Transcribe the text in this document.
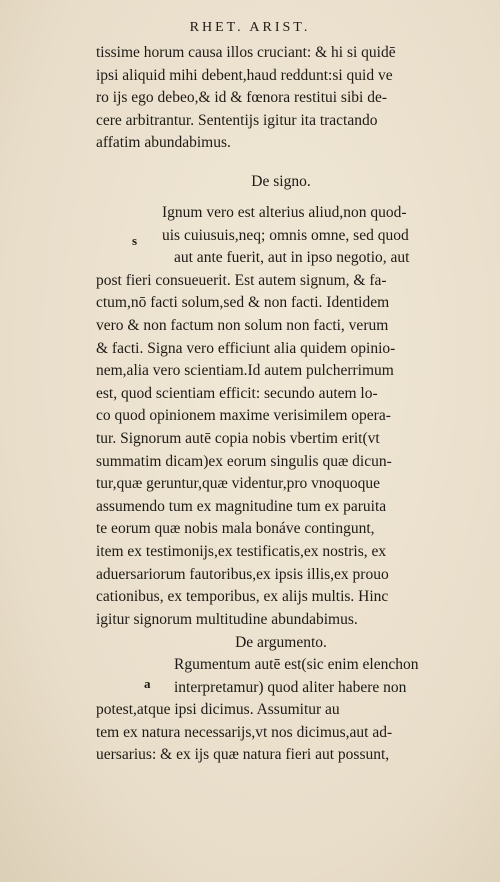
RHET. ARIST.
tissime horum causa illos cruciant: & hi si quidē
ipsi aliquid mihi debent,haud reddunt:si quid ve
ro ijs ego debeo,& id & fœnora restitui sibi de-
cere arbitrantur. Sententijs igitur ita tractando
affatim abundabimus.
De signo.
Ignum vero est alterius aliud,non quod-
uis cuiusuis,neq; omnis omne, sed quod
aut ante fuerit, aut in ipso negotio, aut
post fieri consueuerit. Est autem signum, & fa-
ctum,nō facti solum,sed & non facti. Identidem
vero & non factum non solum non facti, verum
& facti. Signa vero efficiunt alia quidem opinio-
nem,alia vero scientiam.Id autem pulcherrimum
est, quod scientiam efficit: secundo autem lo-
co quod opinionem maxime verisimilem opera-
tur. Signorum autē copia nobis vbertim erit(vt
summatim dicam)ex eorum singulis quæ dicun-
tur,quæ geruntur,quæ videntur,pro vnoquoque
assumendo tum ex magnitudine tum ex paruita
te eorum quæ nobis mala bonáve contingunt,
item ex testimonijs,ex testificatis,ex nostris, ex
aduersariorum fautoribus,ex ipsis illis,ex prouo
cationibus, ex temporibus, ex alijs multis. Hinc
igitur signorum multitudine abundabimus.
De argumento.
Rgumentum autē est(sic enim elenchon
interpretamur) quod aliter habere non
potest,atque ipsi dicimus. Assumitur au
tem ex natura necessarijs,vt nos dicimus,aut ad-
uersarius: & ex ijs quæ natura fieri aut possunt,
s
a
